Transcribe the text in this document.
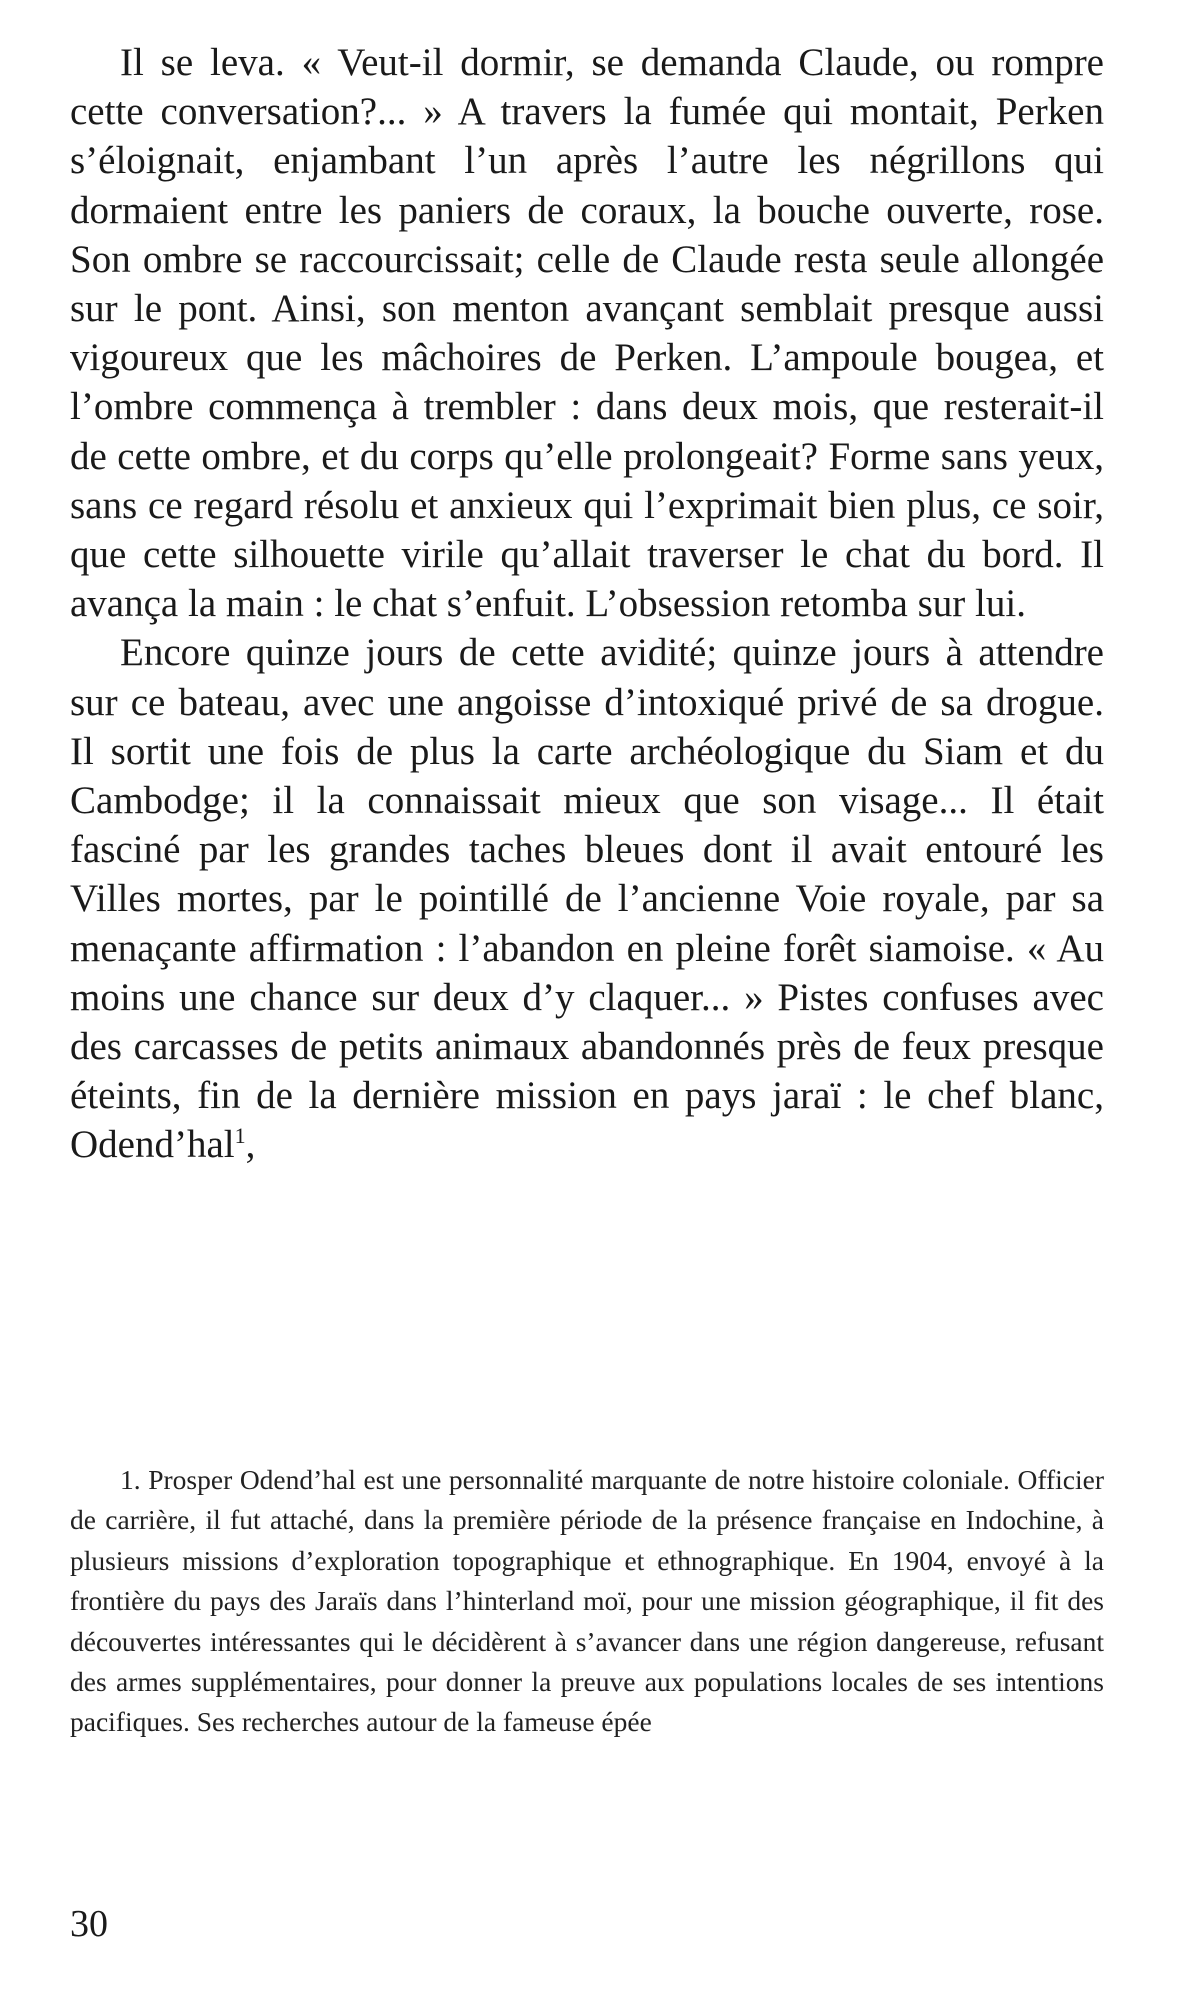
Il se leva. « Veut-il dormir, se demanda Claude, ou rompre cette conversation?... » A travers la fumée qui montait, Perken s’éloignait, enjambant l’un après l’autre les négrillons qui dormaient entre les paniers de coraux, la bouche ouverte, rose. Son ombre se raccourcissait; celle de Claude resta seule allongée sur le pont. Ainsi, son menton avançant semblait presque aussi vigoureux que les mâchoires de Perken. L’ampoule bougea, et l’ombre commença à trembler : dans deux mois, que resterait-il de cette ombre, et du corps qu’elle prolongeait? Forme sans yeux, sans ce regard résolu et anxieux qui l’exprimait bien plus, ce soir, que cette silhouette virile qu’allait traverser le chat du bord. Il avança la main : le chat s’enfuit. L’obsession retomba sur lui.

Encore quinze jours de cette avidité; quinze jours à attendre sur ce bateau, avec une angoisse d’intoxiqué privé de sa drogue. Il sortit une fois de plus la carte archéologique du Siam et du Cambodge; il la connaissait mieux que son visage... Il était fasciné par les grandes taches bleues dont il avait entouré les Villes mortes, par le pointillé de l’ancienne Voie royale, par sa menaçante affirmation : l’abandon en pleine forêt siamoise. « Au moins une chance sur deux d’y claquer... » Pistes confuses avec des carcasses de petits animaux abandonnés près de feux presque éteints, fin de la dernière mission en pays jaraï : le chef blanc, Odend’hal$^1$,

1. Prosper Odend’hal est une personnalité marquante de notre histoire coloniale. Officier de carrière, il fut attaché, dans la première période de la présence française en Indochine, à plusieurs missions d’exploration topographique et ethnographique. En 1904, envoyé à la frontière du pays des Jaraïs dans l’hinterland moï, pour une mission géographique, il fit des découvertes intéressantes qui le décidèrent à s’avancer dans une région dangereuse, refusant des armes supplémentaires, pour donner la preuve aux populations locales de ses intentions pacifiques. Ses recherches autour de la fameuse épée

30
